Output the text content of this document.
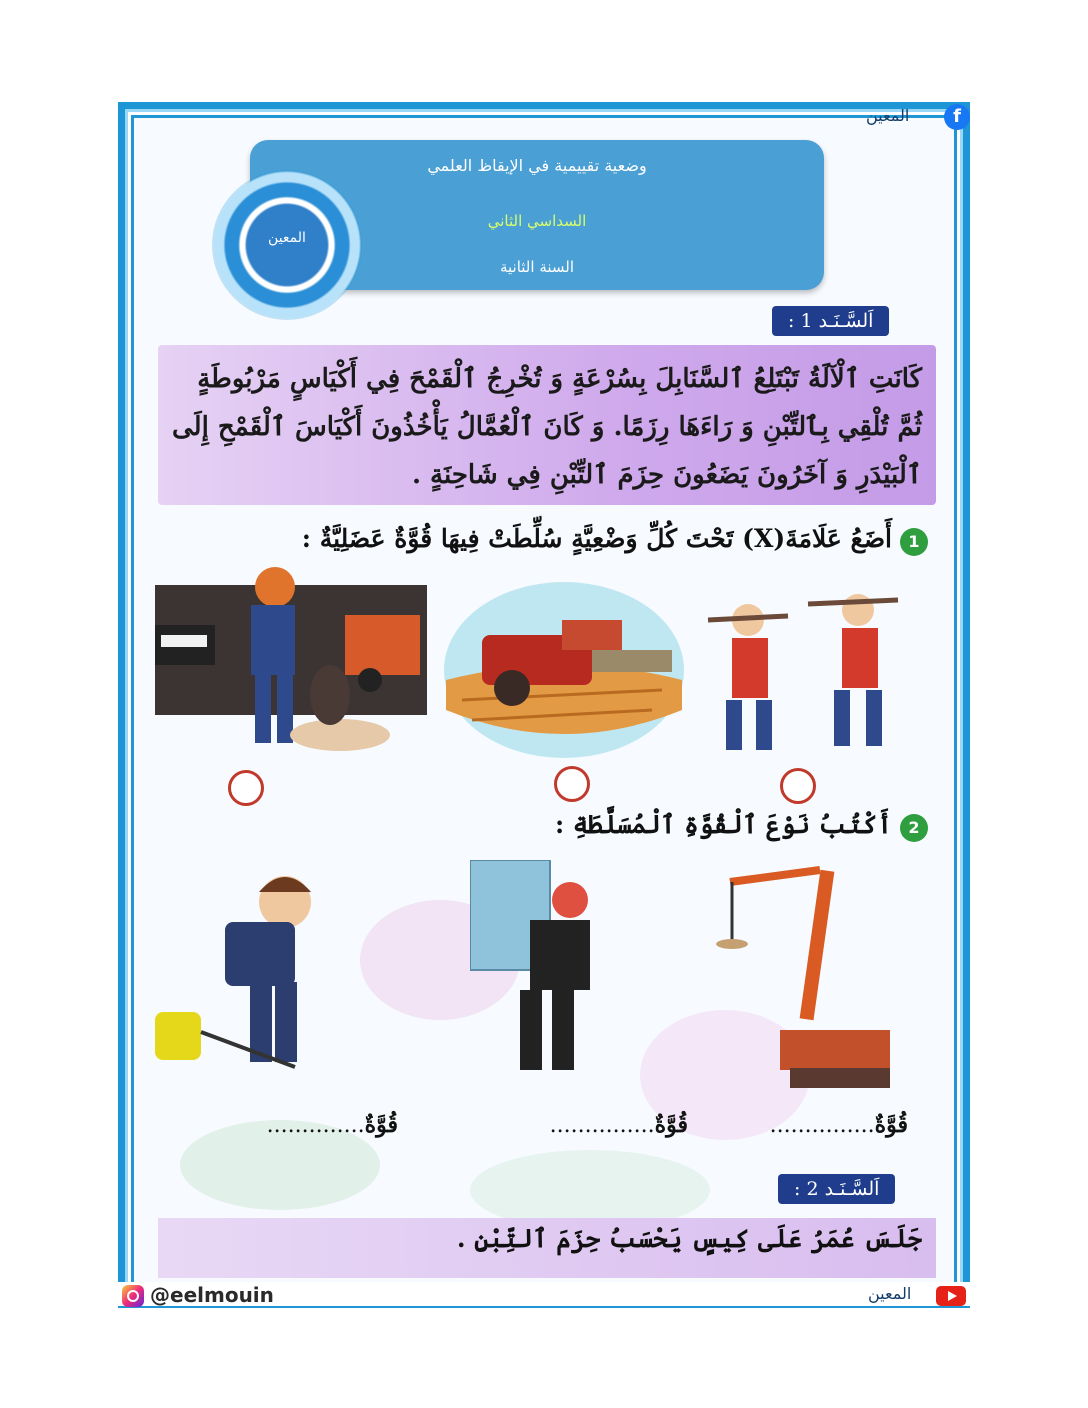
f
المعين
وضعية تقييمية في الإيقاظ العلمي
السداسي الثاني
السنة الثانية
المعين
اَلسَّـنَـد 1 :

كَانَتِ ٱلْآلَةُ تَبْتَلِعُ ٱلسَّنَابِلَ بِسُرْعَةٍ وَ تُخْرِجُ ٱلْقَمْحَ فِي أَكْيَاسٍ مَرْبُوطَةٍ ثُمَّ تُلْقِي بِٱلتِّبْنِ وَ رَاءَهَا رِزَمًا. وَ كَانَ ٱلْعُمَّالُ يَأْخُذُونَ أَكْيَاسَ ٱلْقَمْحِ إِلَى ٱلْبَيْدَرِ وَ آخَرُونَ يَضَعُونَ حِزَمَ ٱلتِّبْنِ فِي شَاحِنَةٍ .

1أَضَعُ عَلَامَةَ(X) تَحْتَ كُلِّ وَضْعِيَّةٍ سُلِّطَتْ فِيهَا قُوَّةٌ عَضَلِيَّةٌ :
2أَكْتُبُ نَوْعَ ٱلْقُوَّةِ ٱلْمُسَلَّطَةِ :
قُوَّةٌ...............
قُوَّةٌ...............
قُوَّةٌ..............
اَلسَّـنَـد 2 :

جَلَسَ عُمَرُ عَلَى كِيسٍ يَحْسَبُ حِزَمَ ٱلتِّبْنِ .

@eelmouin	المعين
